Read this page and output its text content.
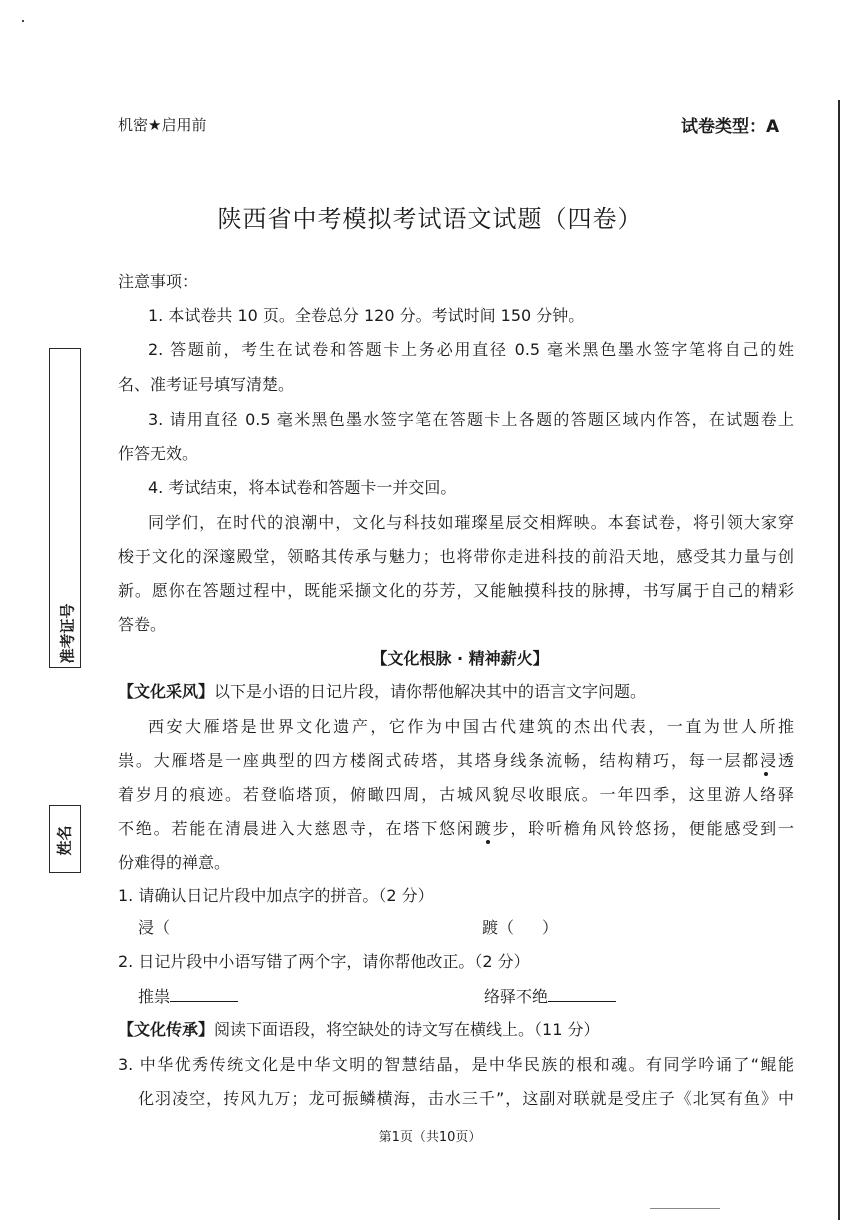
机密★启用前	试卷类型：A
陕西省中考模拟考试语文试题（四卷）
注意事项：
1. 本试卷共 10 页。全卷总分 120 分。考试时间 150 分钟。
2. 答题前，考生在试卷和答题卡上务必用直径 0.5 毫米黑色墨水签字笔将自己的姓
名、准考证号填写清楚。
3. 请用直径 0.5 毫米黑色墨水签字笔在答题卡上各题的答题区域内作答，在试题卷上
作答无效。
4. 考试结束，将本试卷和答题卡一并交回。
同学们，在时代的浪潮中，文化与科技如璀璨星辰交相辉映。本套试卷，将引领大家穿
梭于文化的深邃殿堂，领略其传承与魅力；也将带你走进科技的前沿天地，感受其力量与创
新。愿你在答题过程中，既能采撷文化的芬芳，又能触摸科技的脉搏，书写属于自己的精彩
答卷。
【文化根脉 · 精神薪火】
【文化采风】以下是小语的日记片段，请你帮他解决其中的语言文字问题。
西安大雁塔是世界文化遗产，它作为中国古代建筑的杰出代表，一直为世人所推
祟。大雁塔是一座典型的四方楼阁式砖塔，其塔身线条流畅，结构精巧，每一层都浸透
着岁月的痕迹。若登临塔顶，俯瞰四周，古城风貌尽收眼底。一年四季，这里游人络驿
不绝。若能在清晨进入大慈恩寺，在塔下悠闲踱步，聆听檐角风铃悠扬，便能感受到一
份难得的禅意。
1. 请确认日记片段中加点字的拼音。（2 分）
浸（	踱（ ）
2. 日记片段中小语写错了两个字，请你帮他改正。（2 分）
推祟	络驿不绝
【文化传承】阅读下面语段，将空缺处的诗文写在横线上。（11 分）
3. 中华优秀传统文化是中华文明的智慧结晶，是中华民族的根和魂。有同学吟诵了“鲲能
化羽凌空，抟风九万；龙可振鳞横海，击水三千”，这副对联就是受庄子《北冥有鱼》中
准考证号
姓名
第1页（共10页）
